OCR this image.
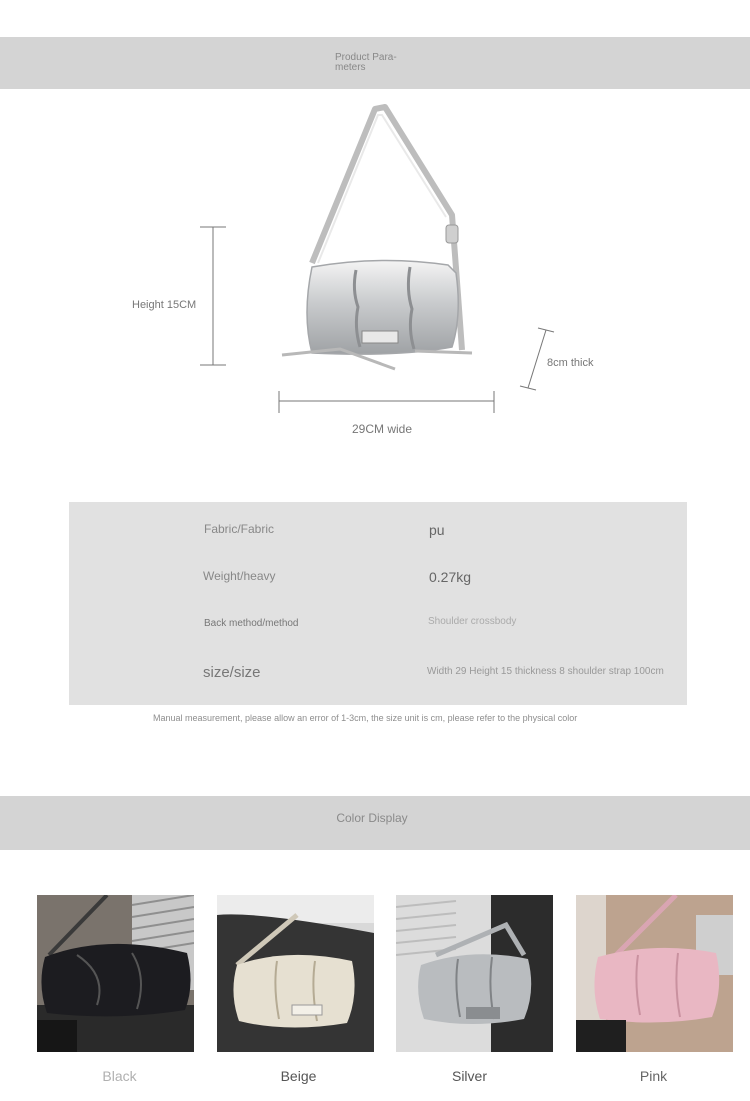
Product Para-
meters
Height 15CM
29CM wide
8cm thick
Fabric/Fabric	pu
Weight/heavy	0.27kg
Back method/method	Shoulder crossbody
size/size	Width 29 Height 15 thickness 8 shoulder strap 100cm
Manual measurement, please allow an error of 1-3cm, the size unit is cm, please refer to the physical color
Color Display
Black	Beige	Silver	Pink
